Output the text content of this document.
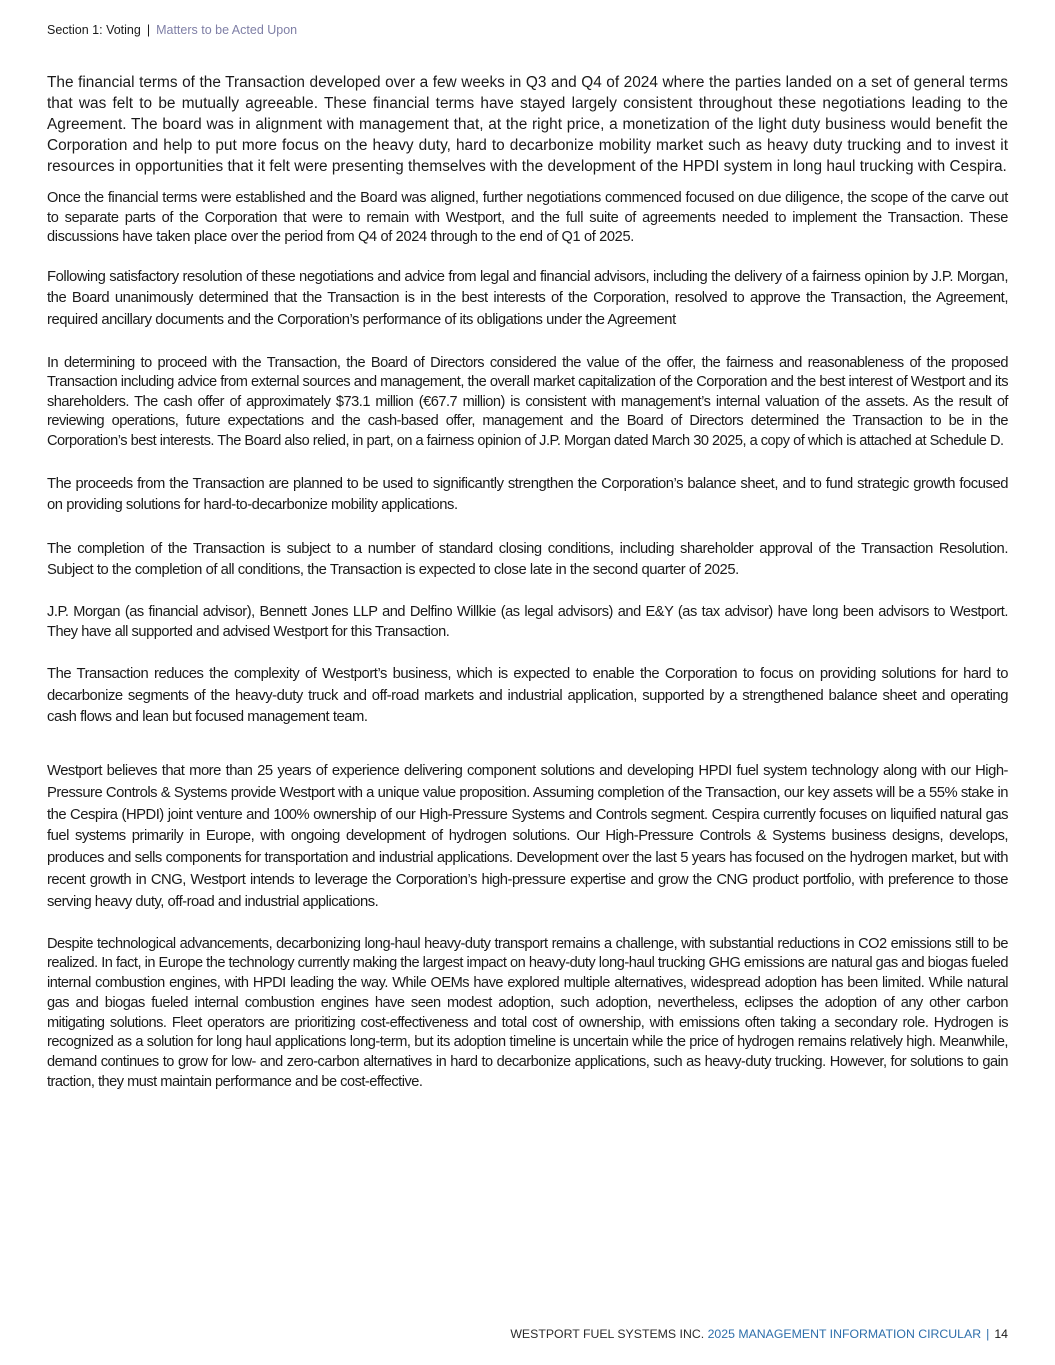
Section 1: Voting | Matters to be Acted Upon

The financial terms of the Transaction developed over a few weeks in Q3 and Q4 of 2024 where the parties landed on a set of general terms that was felt to be mutually agreeable. These financial terms have stayed largely consistent throughout these negotiations leading to the Agreement. The board was in alignment with management that, at the right price, a monetization of the light duty business would benefit the Corporation and help to put more focus on the heavy duty, hard to decarbonize mobility market such as heavy duty trucking and to invest it resources in opportunities that it felt were presenting themselves with the development of the HPDI system in long haul trucking with Cespira.

Once the financial terms were established and the Board was aligned, further negotiations commenced focused on due diligence, the scope of the carve out to separate parts of the Corporation that were to remain with Westport, and the full suite of agreements needed to implement the Transaction. These discussions have taken place over the period from Q4 of 2024 through to the end of Q1 of 2025.

Following satisfactory resolution of these negotiations and advice from legal and financial advisors, including the delivery of a fairness opinion by J.P. Morgan, the Board unanimously determined that the Transaction is in the best interests of the Corporation, resolved to approve the Transaction, the Agreement, required ancillary documents and the Corporation’s performance of its obligations under the Agreement

In determining to proceed with the Transaction, the Board of Directors considered the value of the offer, the fairness and reasonableness of the proposed Transaction including advice from external sources and management, the overall market capitalization of the Corporation and the best interest of Westport and its shareholders. The cash offer of approximately $73.1 million (€67.7 million) is consistent with management’s internal valuation of the assets. As the result of reviewing operations, future expectations and the cash-based offer, management and the Board of Directors determined the Transaction to be in the Corporation’s best interests. The Board also relied, in part, on a fairness opinion of J.P. Morgan dated March 30 2025, a copy of which is attached at Schedule D.

The proceeds from the Transaction are planned to be used to significantly strengthen the Corporation’s balance sheet, and to fund strategic growth focused on providing solutions for hard-to-decarbonize mobility applications.

The completion of the Transaction is subject to a number of standard closing conditions, including shareholder approval of the Transaction Resolution. Subject to the completion of all conditions, the Transaction is expected to close late in the second quarter of 2025.

J.P. Morgan (as financial advisor), Bennett Jones LLP and Delfino Willkie (as legal advisors) and E&Y (as tax advisor) have long been advisors to Westport. They have all supported and advised Westport for this Transaction.

The Transaction reduces the complexity of Westport’s business, which is expected to enable the Corporation to focus on providing solutions for hard to decarbonize segments of the heavy-duty truck and off-road markets and industrial application, supported by a strengthened balance sheet and operating cash flows and lean but focused management team.

Westport believes that more than 25 years of experience delivering component solutions and developing HPDI fuel system technology along with our High-Pressure Controls & Systems provide Westport with a unique value proposition. Assuming completion of the Transaction, our key assets will be a 55% stake in the Cespira (HPDI) joint venture and 100% ownership of our High-Pressure Systems and Controls segment. Cespira currently focuses on liquified natural gas fuel systems primarily in Europe, with ongoing development of hydrogen solutions. Our High-Pressure Controls & Systems business designs, develops, produces and sells components for transportation and industrial applications. Development over the last 5 years has focused on the hydrogen market, but with recent growth in CNG, Westport intends to leverage the Corporation’s high-pressure expertise and grow the CNG product portfolio, with preference to those serving heavy duty, off-road and industrial applications.

Despite technological advancements, decarbonizing long-haul heavy-duty transport remains a challenge, with substantial reductions in CO2 emissions still to be realized. In fact, in Europe the technology currently making the largest impact on heavy-duty long-haul trucking GHG emissions are natural gas and biogas fueled internal combustion engines, with HPDI leading the way. While OEMs have explored multiple alternatives, widespread adoption has been limited. While natural gas and biogas fueled internal combustion engines have seen modest adoption, such adoption, nevertheless, eclipses the adoption of any other carbon mitigating solutions. Fleet operators are prioritizing cost-effectiveness and total cost of ownership, with emissions often taking a secondary role. Hydrogen is recognized as a solution for long haul applications long-term, but its adoption timeline is uncertain while the price of hydrogen remains relatively high. Meanwhile, demand continues to grow for low- and zero-carbon alternatives in hard to decarbonize applications, such as heavy-duty trucking. However, for solutions to gain traction, they must maintain performance and be cost-effective.

WESTPORT FUEL SYSTEMS INC. 2025 MANAGEMENT INFORMATION CIRCULAR | 14
